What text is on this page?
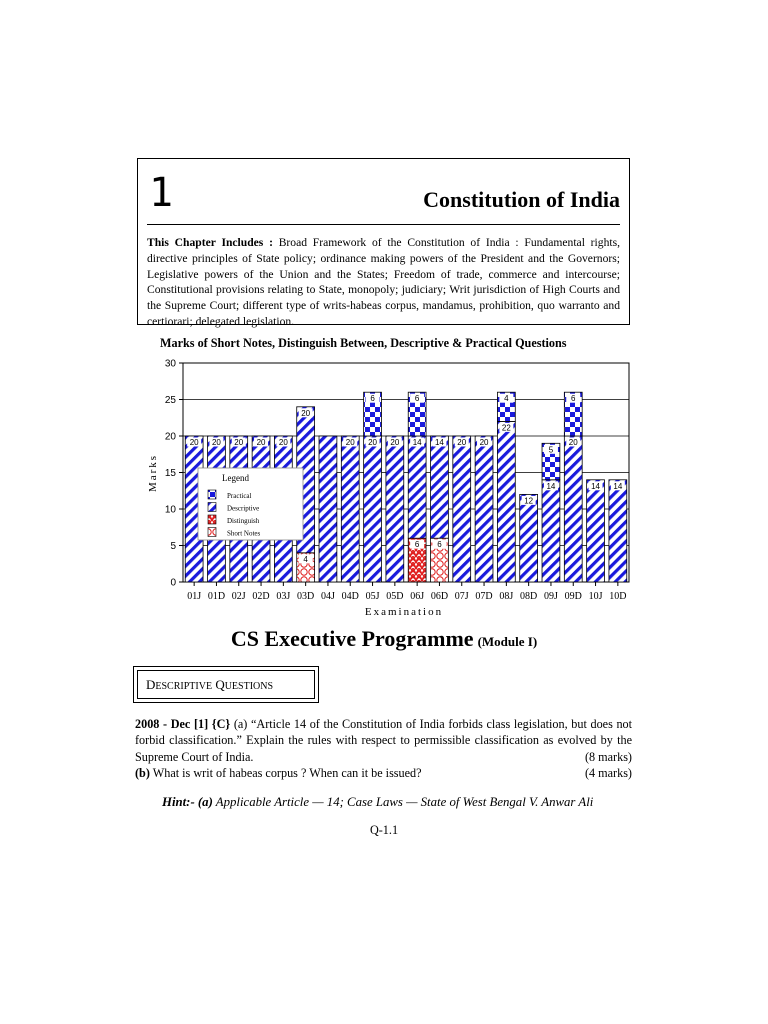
1	Constitution of India
This Chapter Includes : Broad Framework of the Constitution of India : Fundamental rights, directive principles of State policy; ordinance making powers of the President and the Governors; Legislative powers of the Union and the States; Freedom of trade, commerce and intercourse; Constitutional provisions relating to State, monopoly; judiciary; Writ jurisdiction of High Courts and the Supreme Court; different type of writs-habeas corpus, mandamus, prohibition, quo warranto and certiorari; delegated legislation.
Marks of Short Notes, Distinguish Between, Descriptive & Practical Questions
20 20 20 20 20
4
20
20 20
6
20
6
14
6
6
14 20 20
22
4
12
14
5
20
6
14 14
0
5
10
15
20
25
30
01J 01D 02J 02D 03J 03D 04J 04D 05J 05D 06J 06D 07J 07D 08J 08D 09J 09D 10J 10D
Legend
Practical
Descriptive
Distinguish
Short Notes
Marks
Examination
CS Executive Programme (Module I)
DESCRIPTIVE QUESTIONS
2008 - Dec [1] {C} (a) “Article 14 of the Constitution of India forbids class legislation, but does not forbid classification.” Explain the rules with respect to permissible classification as evolved by the Supreme Court of India.	(8 marks)
(b) What is writ of habeas corpus ? When can it be issued?	(4 marks)
Hint:- (a) Applicable Article — 14; Case Laws — State of West Bengal V. Anwar Ali
Q-1.1
